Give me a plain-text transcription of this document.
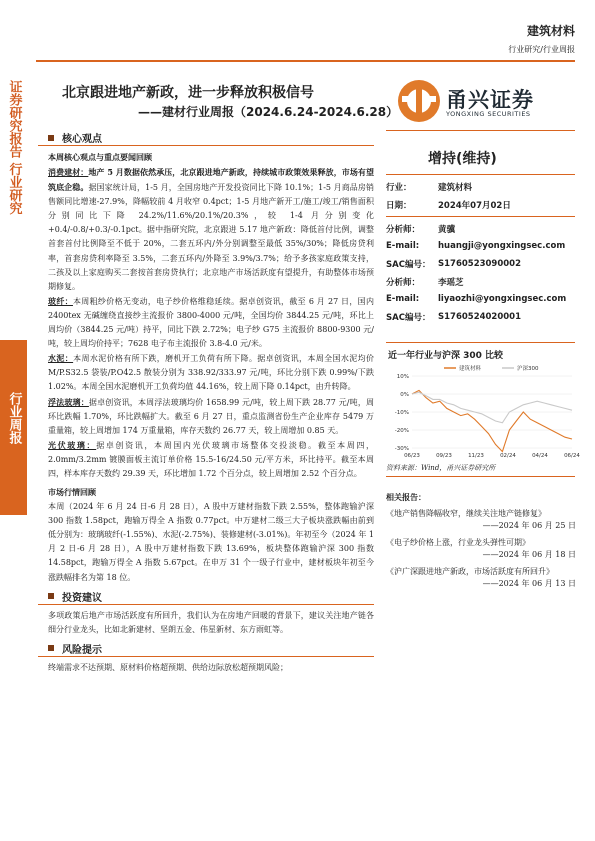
证券研究报告 行业研究
行业周报
建筑材料
行业研究/行业周报
北京跟进地产新政，进一步释放积极信号
——建材行业周报（2024.6.24-2024.6.28） 甬兴证券
YONGXING SECURITIES
核心观点
本周核心观点与重点要闻回顾

消费建材：地产 5 月数据依然承压，北京跟进地产新政，持续城市政策效果释放，市场有望筑底企稳。据国家统计局，1-5 月，全国房地产开发投资同比下降 10.1%；1-5 月商品房销售额同比增速-27.9%，降幅较前 4 月收窄 0.4pct；1-5 月地产新开工/施工/竣工/销售面积分别同比下降 24.2%/11.6%/20.1%/20.3%，较 1-4 月分别变化+0.4/-0.8/+0.3/-0.1pct。据中指研究院，北京跟进 5.17 地产新政：降低首付比例，调整首套首付比例降至不低于 20%，二套五环内/外分别调整至最低 35%/30%；降低房贷利率，首套房贷利率降至 3.5%，二套五环内/外降至 3.9%/3.7%；给予多孩家庭政策支持，二孩及以上家庭购买二套按首套房贷执行；北京地产市场活跃度有望提升，有助整体市场预期修复。

玻纤：本周粗纱价格无变动，电子纱价格维稳延续。据卓创资讯，截至 6 月 27 日，国内 2400tex 无碱缠绕直接纱主流报价 3800-4000 元/吨，全国均价 3844.25 元/吨，环比上周均价（3844.25 元/吨）持平，同比下跌 2.72%；电子纱 G75 主流报价 8800-9300 元/吨，较上周均价持平；7628 电子布主流报价 3.8-4.0 元/米。

水泥：本周水泥价格有所下跌，磨机开工负荷有所下降。据卓创资讯，本周全国水泥均价 M/P.S32.5 袋装/P.O42.5 散装分别为 338.92/333.97 元/吨，环比分别下跌 0.99%/下跌 1.02%。本周全国水泥磨机开工负荷均值 44.16%，较上周下降 0.14pct，由升转降。

浮法玻璃：据卓创资讯，本周浮法玻璃均价 1658.99 元/吨，较上周下跌 28.77 元/吨，周环比跌幅 1.70%，环比跌幅扩大。截至 6 月 27 日，重点监测省份生产企业库存 5479 万重量箱，较上周增加 174 万重量箱，库存天数约 26.77 天，较上周增加 0.85 天。

光伏玻璃：据卓创资讯，本周国内光伏玻璃市场整体交投淡稳。截至本周四，2.0mm/3.2mm 镀膜面板主流订单价格 15.5-16/24.50 元/平方米，环比持平。截至本周四，样本库存天数约 29.39 天，环比增加 1.72 个百分点，较上周增加 2.52 个百分点。

市场行情回顾

本周（2024 年 6 月 24 日-6 月 28 日），A 股中万建材指数下跌 2.55%，整体跑输沪深 300 指数 1.58pct，跑输万得全 A 指数 0.77pct。中万建材二级三大子板块涨跌幅由前到低分别为：玻璃玻纤(-1.55%)、水泥(-2.75%)、装修建材(-3.01%)。年初至今（2024 年 1 月 2 日-6 月 28 日），A 股中万建材指数下跌 13.69%，板块整体跑输沪深 300 指数 14.58pct，跑输万得全 A 指数 5.67pct。在申万 31 个一级子行业中，建材板块年初至今涨跌幅排名为第 18 位。

投资建议

多项政策后地产市场活跃度有所回升，我们认为在房地产回暖的背景下，建议关注地产链各细分行业龙头，比如北新建材、坚朗五金、伟星新材、东方雨虹等。

风险提示

终端需求不达预期、原材料价格超预期、供给边际放松超预期风险；

增持(维持)
行业：	建筑材料
日期：	2024年07月02日
分析师：	黄骥
E-mail:	huangji@yongxingsec.com
SAC编号： S1760523090002
分析师：	李瑶芝
E-mail:	liyaozhi@yongxingsec.com
SAC编号： S1760524020001
近一年行业与沪深 300 比较
10%
0%
-10%
-20%
-30%
06/23	09/23	11/23	02/24	04/24	06/24
建筑材料	沪深300
资料来源：Wind，甬兴证券研究所
相关报告：
《地产销售降幅收窄，继续关注地产链修复》
——2024 年 06 月 25 日
《电子纱价格上涨，行业龙头弹性可期》
——2024 年 06 月 18 日
《沪广深跟进地产新政，市场活跃度有所回升》
——2024 年 06 月 13 日
